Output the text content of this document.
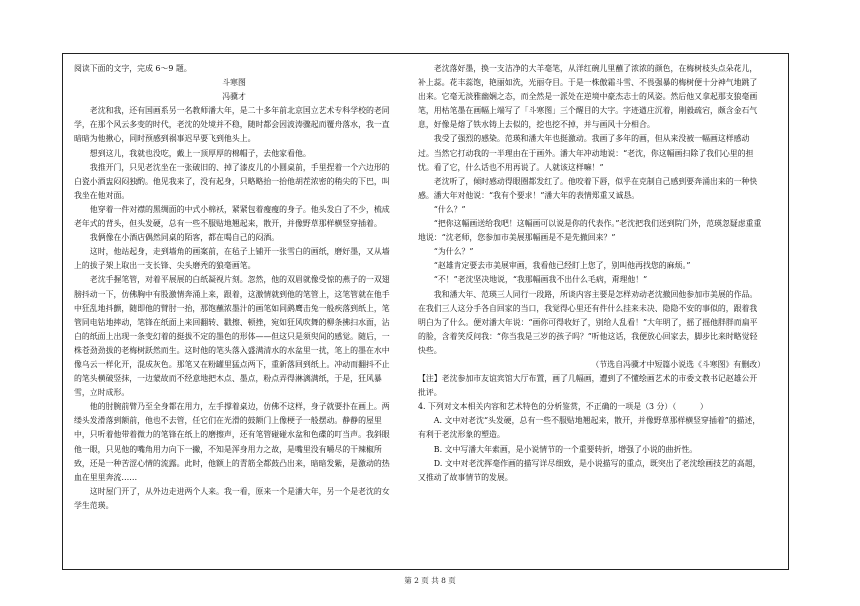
阅读下面的文字，完成 6～9 题。

斗寒图

冯骥才

老沈和我，还有国画系另一名教师潘大年，是二十多年前北京国立艺术专科学校的老同学，在那个风云多变的时代，老沈的处境并不稳，随时都会因波涛骤起而覆舟落水，我一直暗暗为他揪心，同时预感到祸事迟早要飞到他头上。

想到这儿，我就也没吃，戴上一顶厚厚的棉帽子，去他家看他。

我推开门，只见老沈坐在一张破旧的、掉了漆皮儿的小圆桌前，手里捏着一个六边形的白瓷小酒盅闷闷独酌。他见我来了，没有起身，只略略抬一抬他胡茬浓密的稍尖的下巴，叫我坐在他对面。

他穿着一件对襟的黑绸面的中式小棉袄，紧紧包着瘦瘦的身子。他头发白了不少，梳成老年式的背头，但头发硬，总有一些不服贴地翘起来，散开，并像野草那样横竖穿插着。

我俩像在小酒店偶然同桌的陌客，都在喝自己的闷酒。

这时，他站起身，走到墙角的画案前，在毡子上铺开一张雪白的画纸，磨好墨，又从墙上的拔子架上取出一支长锋、尖头磨秃的狼毫画笔。

老沈手握笔管，对着平展展的白纸凝视片刻。忽然，他的双眉就像受惊的燕子的一双翅膀抖动一下，仿佛胸中有股激情奔涌上来，跟着，这激情就到他的笔管上，这笔管就在他手中狂乱地抖颤，随即他的臂肘一抬，那饱蘸浓墨汁的画笔如同鹞鹰击兔一般疾落到纸上，笔管同电钻地摔动，笔锋在纸面上来回翻转、戳擦、顿挫，宛如狂风吹舞的柳条拂扫水面，沾白的纸面上出现一条变幻着的挺拔不定的墨色的形体——但这只是须臾间的感觉。随后，一株苍劲劲拔的老梅树跃然而生。这时他的笔头落入盛满清水的水盆里一扰，笔上的墨在水中像乌云一样化开，混成灰色。那笔又在粉罐里猛点两下，重新落回到纸上。冲动而翻抖不止的笔头横破竖抹，一边蒙故而不经意地把木点、墨点，粉点弄得淋漓满纸，于是，狂风暴雪，立时成形。

他的肘腕前臂乃至全身都在用力，左手撑着桌边，仿佛不这样，身子就要扑在画上。两缕头发滑落到额前，他也不去管，任它们在光滑的鼓额门上像梗子一般摆动。静静的屋里中，只听着他带着微力的笔锋在纸上的磨擦声，还有笔管碰碰水盆和色碟的叮当声。我斜眼他一眼，只见他的嘴角用力向下一撇，不知是浑身用力之故，是嘴里没有嚼尽的干辣椒所致，还是一种苦涩心情的流露。此时，他额上的青筋全都鼓凸出来，暗暗发紫，是激动的热血在里里奔流……

这时屋门开了，从外边走进两个人来。我一看，原来一个是潘大年，另一个是老沈的女学生范瑛。

老沈落好墨，换一支洁净的大羊毫笔，从洋红碗儿里蘸了浓浓的颜色，在梅树枝头点朵花儿，补上蕊。花丰蕊饱，艳丽如洗，光丽夺目。于是一株傲霜斗雪、不畏强暴的梅树便十分神气地跳了出来。它毫无淡雅幽娴之态，而全然是一派处在逆境中豪杰志士的风姿。然后他又拿起那支狼毫画笔，用枯笔墨在画幅上端写了「斗寒图」三个醒目的大字。字迹遒庄沉着，刚毅疏宕，颇含金石气息，好像是熔了铁水铸上去似的，挖也挖不掉，并与画风十分相合。

我受了强烈的感染。范瑛和潘大年也挺激动。我画了多年的画，但从来没被一幅画这样感动过。当然它打动我的一半理由在于画外。潘大年冲动地说：“老沈，你这幅画扫除了我们心里的担忧。看了它，什么话也不用再说了。人就该这样嘛！”

老沈听了，倾时感动得眼圈都发红了。他咬着下唇，似乎在克制自己感到要奔涌出来的一种快感。潘大年对他说：“我有个要求！”潘大年的表情郑重又诚恳。

“什么？”

“把你这幅画送给我吧！这幅画可以说是你的代表作。”老沈把我们送到院门外，范瑛忽疑虑重重地说：“沈老师，您参加市美展那幅画是不是先撤回来？”

“为什么？”

“赵雄肯定要去市美展审画，我看他已经盯上您了，别叫他再找您的麻烦。”

“不！”老沈坚决地说，“我那幅画我不出什么毛病，甭理他！”

我和潘大年、范瑛三人同行一段路，所谈内容主要是怎样劝动老沈撤回他参加市美展的作品。在我们三人这分手各自回家的当口，我觉得心里还有件什么挂来未决、隐隐不安的事似的，跟着我明白为了什么。便对潘大年说：“画你可得收好了，别给人乱看！”大年明了，摇了摇他胖胖而扁平的脸，含着笑反问我：“你当我是三岁的孩子吗？”听他这话，我便放心回家去，脚步比来时略觉轻快些。

（节选自冯骥才中短篇小说选《斗寒图》有删改）

【注】老沈参加市友谊宾馆大厅布置，画了几幅画，遭到了不懂绘画艺术的市委文教书记赵雄公开批评。

4. 下列对文本相关内容和艺术特色的分析鉴赏，不正确的一项是（3 分）（　　　）

A. 文中对老沈“头发硬，总有一些不服贴地翘起来，散开，并像野草那样横竖穿插着”的描述，有利于老沈形象的塑造。

B. 文中写潘大年索画，是小说情节的一个重要转折，增强了小说的曲折性。

D. 文中对老沈挥毫作画的描写详尽细致，是小说描写的重点，既突出了老沈绘画技艺的高超，又推动了故事情节的发展。

第 2 页 共 8 页
